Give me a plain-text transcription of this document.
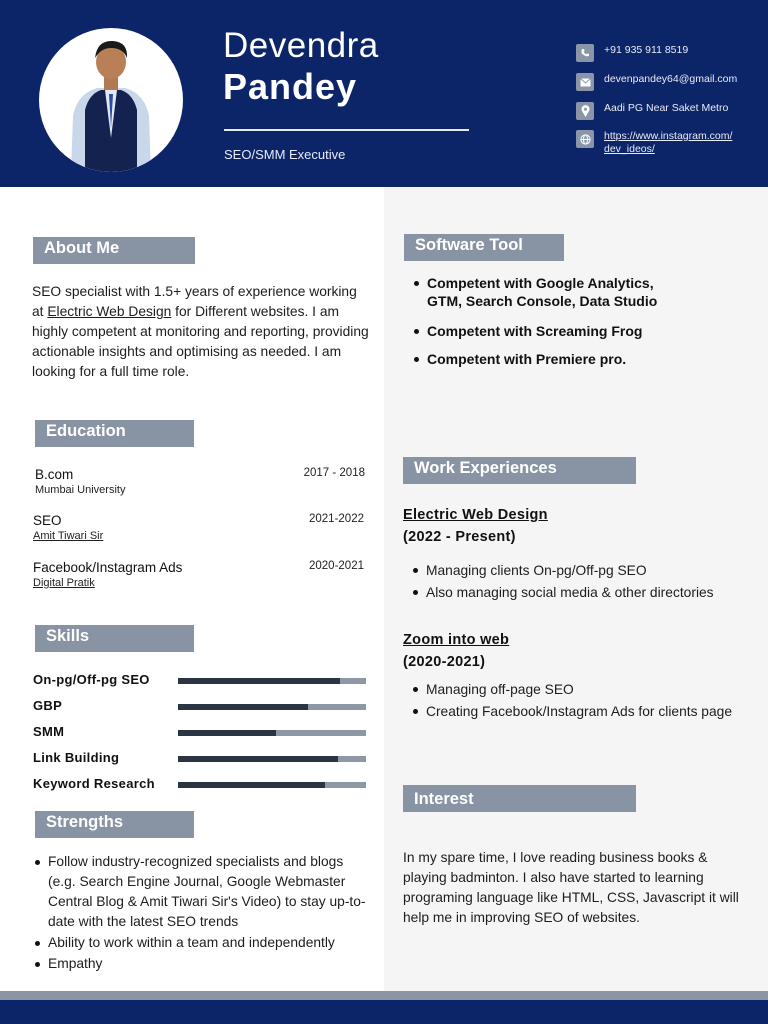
Devendra
Pandey
SEO/SMM Executive
+91 935 911 8519
devenpandey64@gmail.com
Aadi PG Near Saket Metro
https://www.instagram.com/dev_ideos/
About Me
SEO specialist with 1.5+ years of experience working at Electric Web Design for Different websites. I am highly competent at monitoring and reporting, providing actionable insights and optimising as needed. I am looking for a full time role.
Education
B.com
Mumbai University
2017 - 2018
SEO
Amit Tiwari Sir
2021-2022
Facebook/Instagram Ads
Digital Pratik
2020-2021
Skills
On-pg/Off-pg SEO
GBP
SMM
Link Building
Keyword Research
Strengths
Follow industry-recognized specialists and blogs (e.g. Search Engine Journal, Google Webmaster Central Blog & Amit Tiwari Sir's Video) to stay up-to-date with the latest SEO trends
Ability to work within a team and independently
Empathy
Software Tool
Competent with Google Analytics, GTM, Search Console, Data Studio
Competent with Screaming Frog
Competent with Premiere pro.
Work Experiences
Electric Web Design
(2022 - Present)
Managing clients On-pg/Off-pg SEO
Also managing social media & other directories
Zoom into web
(2020-2021)
Managing off-page SEO
Creating Facebook/Instagram Ads for clients page
Interest
In my spare time, I love reading business books & playing badminton. I also have started to learning programing language like HTML, CSS, Javascript it will help me in improving SEO of websites.
